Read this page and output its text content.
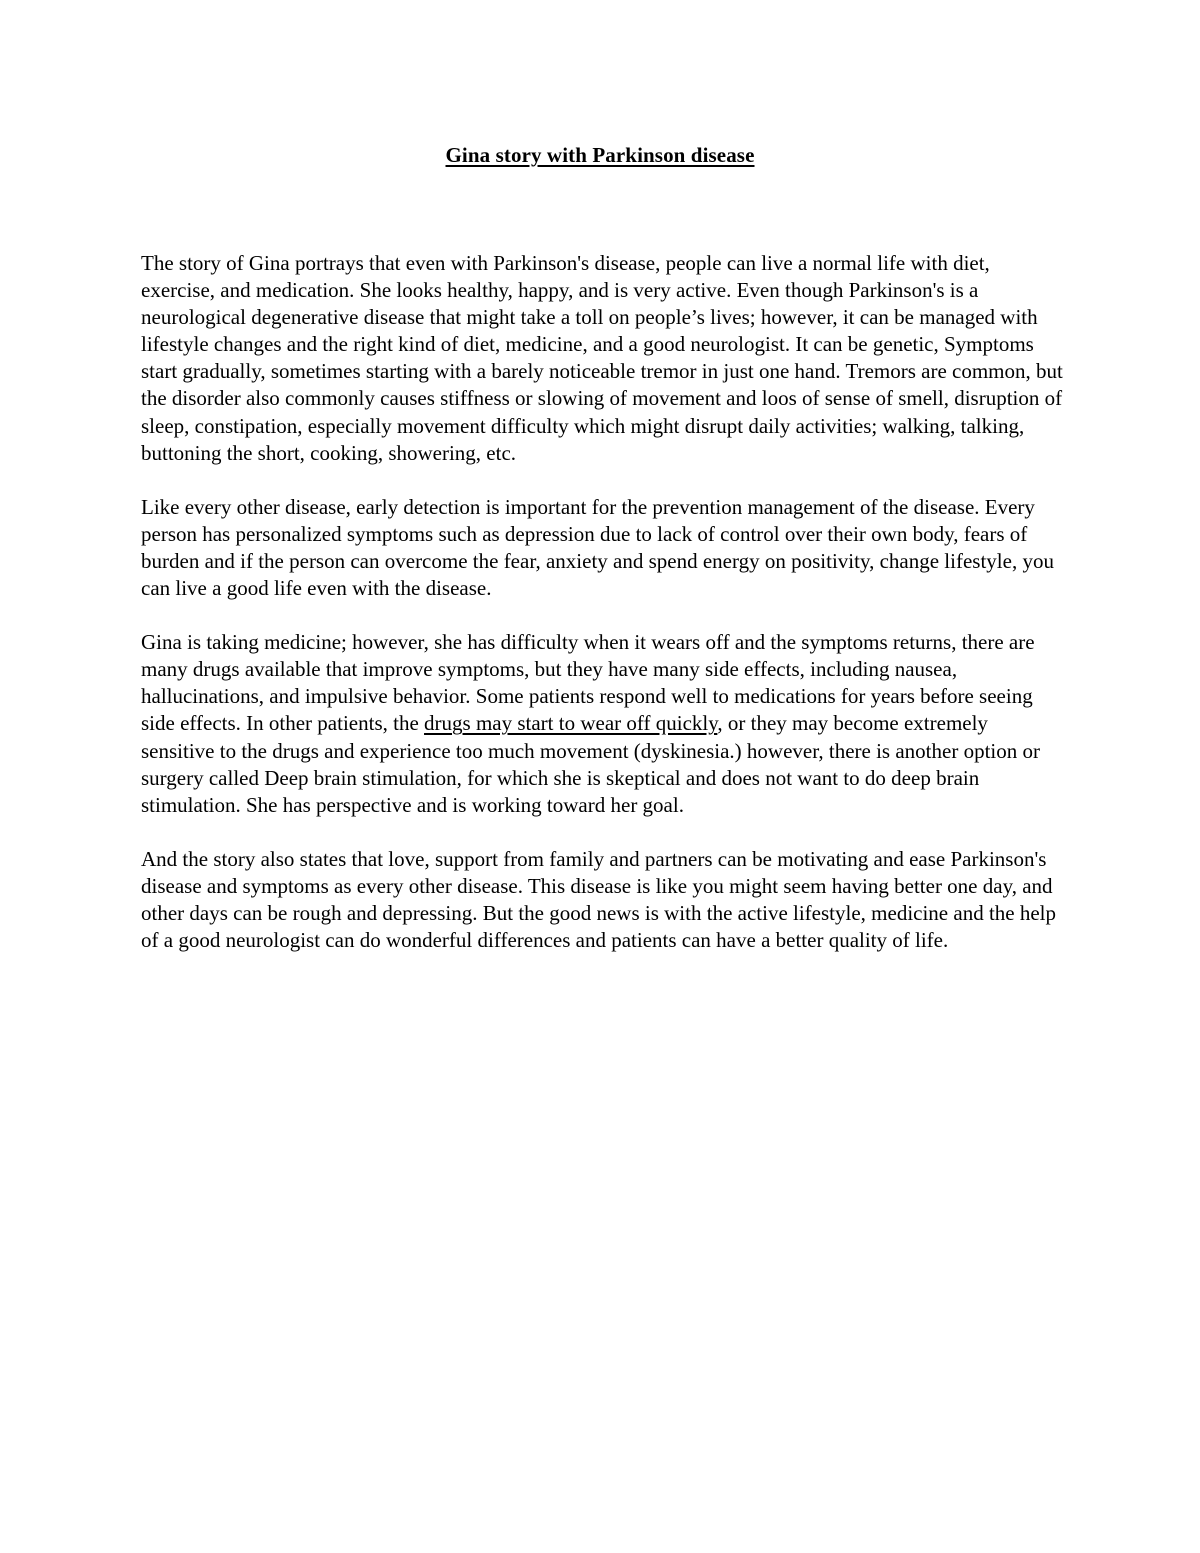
Gina story with Parkinson disease

The story of Gina portrays that even with Parkinson's disease, people can live a normal life with diet, exercise, and medication. She looks healthy, happy, and is very active. Even though Parkinson's is a neurological degenerative disease that might take a toll on people’s lives; however, it can be managed with lifestyle changes and the right kind of diet, medicine, and a good neurologist. It can be genetic, Symptoms start gradually, sometimes starting with a barely noticeable tremor in just one hand. Tremors are common, but the disorder also commonly causes stiffness or slowing of movement and loos of sense of smell, disruption of sleep, constipation, especially movement difficulty which might disrupt daily activities; walking, talking, buttoning the short, cooking, showering, etc.

Like every other disease, early detection is important for the prevention management of the disease. Every person has personalized symptoms such as depression due to lack of control over their own body, fears of burden and if the person can overcome the fear, anxiety and spend energy on positivity, change lifestyle, you can live a good life even with the disease.

Gina is taking medicine; however, she has difficulty when it wears off and the symptoms returns, there are many drugs available that improve symptoms, but they have many side effects, including nausea, hallucinations, and impulsive behavior. Some patients respond well to medications for years before seeing side effects. In other patients, the drugs may start to wear off quickly, or they may become extremely sensitive to the drugs and experience too much movement (dyskinesia.) however, there is another option or surgery called Deep brain stimulation, for which she is skeptical and does not want to do deep brain stimulation. She has perspective and is working toward her goal.

And the story also states that love, support from family and partners can be motivating and ease Parkinson's disease and symptoms as every other disease. This disease is like you might seem having better one day, and other days can be rough and depressing. But the good news is with the active lifestyle, medicine and the help of a good neurologist can do wonderful differences and patients can have a better quality of life.
